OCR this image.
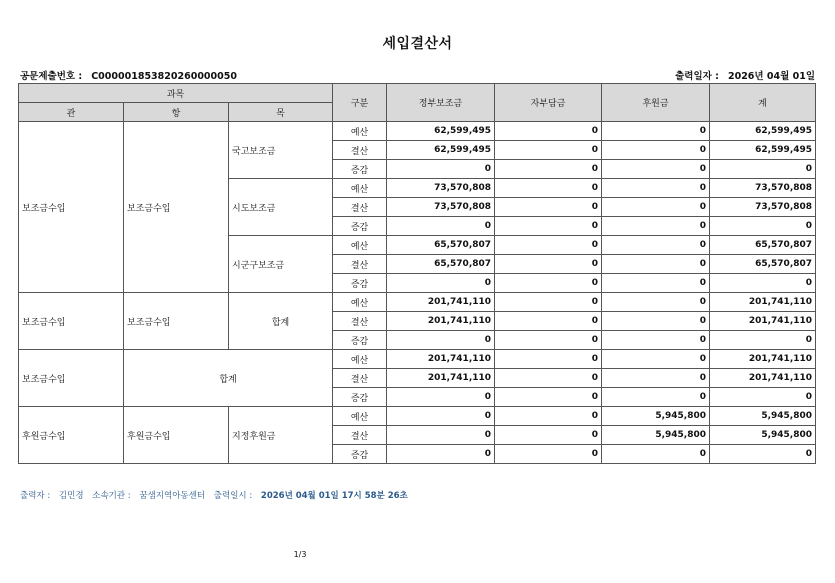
세입결산서
공문제출번호 : C000001853820260000050	출력일자 : 2026년 04월 01일
과목			구분	정부보조금	자부담금	후원금	계
관	항	목					
보조금수입	보조금수입	국고보조금	예산	62,599,495	0	0	62,599,495
			결산	62,599,495	0	0	62,599,495
			증감	0	0	0	0
		시도보조금	예산	73,570,808	0	0	73,570,808
			결산	73,570,808	0	0	73,570,808
			증감	0	0	0	0
		시군구보조금	예산	65,570,807	0	0	65,570,807
			결산	65,570,807	0	0	65,570,807
			증감	0	0	0	0
보조금수입	보조금수입	합계	예산	201,741,110	0	0	201,741,110
			결산	201,741,110	0	0	201,741,110
			증감	0	0	0	0
보조금수입	합계		예산	201,741,110	0	0	201,741,110
			결산	201,741,110	0	0	201,741,110
			증감	0	0	0	0
후원금수입	후원금수입	지정후원금	예산	0	0	5,945,800	5,945,800
			결산	0	0	5,945,800	5,945,800
			증감	0	0	0	0
출력자 : 김민경 소속기관 : 꿈샘지역아동센터 출력일시 : 2026년 04월 01일 17시 58분 26초
1/3
